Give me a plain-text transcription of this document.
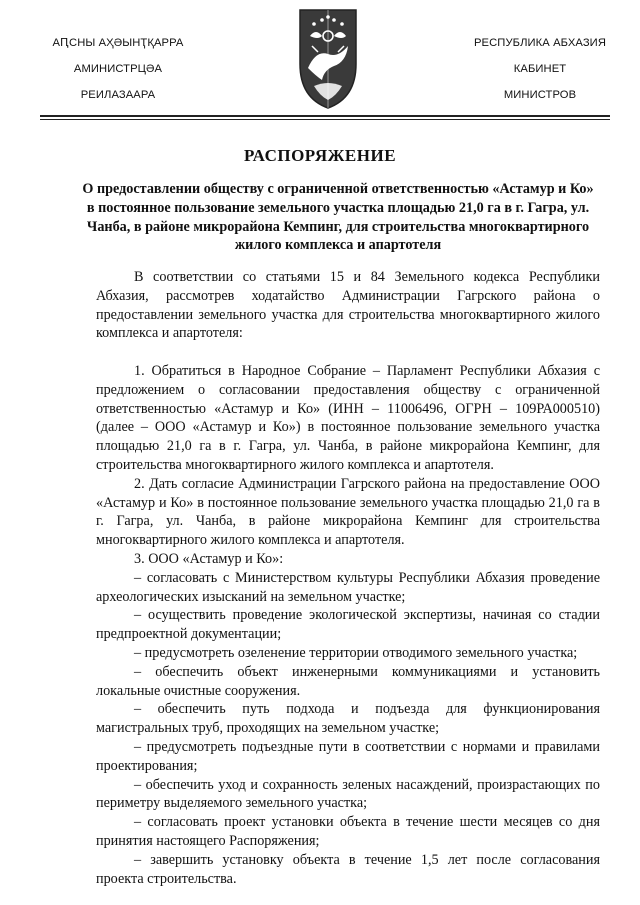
АԤСНЫ АҲӘЫНҬҚАРРА
АМИНИСТРЦӘА
РЕИЛАЗААРА
РЕСПУБЛИКА АБХАЗИЯ
КАБИНЕТ
МИНИСТРОВ
РАСПОРЯЖЕНИЕ
О предоставлении обществу с ограниченной ответственностью «Астамур и Ко» в постоянное пользование земельного участка площадью 21,0 га в г. Гагра, ул. Чанба, в районе микрорайона Кемпинг, для строительства многоквартирного жилого комплекса и апартотеля

В соответствии со статьями 15 и 84 Земельного кодекса Республики Абхазия, рассмотрев ходатайство Администрации Гагрского района о предоставлении земельного участка для строительства многоквартирного жилого комплекса и апартотеля:

1. Обратиться в Народное Собрание – Парламент Республики Абхазия с предложением о согласовании предоставления обществу с ограниченной ответственностью «Астамур и Ко» (ИНН – 11006496, ОГРН – 109РА000510) (далее – ООО «Астамур и Ко») в постоянное пользование земельного участка площадью 21,0 га в г. Гагра, ул. Чанба, в районе микрорайона Кемпинг, для строительства многоквартирного жилого комплекса и апартотеля.

2. Дать согласие Администрации Гагрского района на предоставление ООО «Астамур и Ко» в постоянное пользование земельного участка площадью 21,0 га в г. Гагра, ул. Чанба, в районе микрорайона Кемпинг для строительства многоквартирного жилого комплекса и апартотеля.

3. ООО «Астамур и Ко»:

– согласовать с Министерством культуры Республики Абхазия проведение археологических изысканий на земельном участке;

– осуществить проведение экологической экспертизы, начиная со стадии предпроектной документации;

– предусмотреть озеленение территории отводимого земельного участка;

– обеспечить объект инженерными коммуникациями и установить локальные очистные сооружения.

– обеспечить путь подхода и подъезда для функционирования магистральных труб, проходящих на земельном участке;

– предусмотреть подъездные пути в соответствии с нормами и правилами проектирования;

– обеспечить уход и сохранность зеленых насаждений, произрастающих по периметру выделяемого земельного участка;

– согласовать проект установки объекта в течение шести месяцев со дня принятия настоящего Распоряжения;

– завершить установку объекта в течение 1,5 лет после согласования проекта строительства.
